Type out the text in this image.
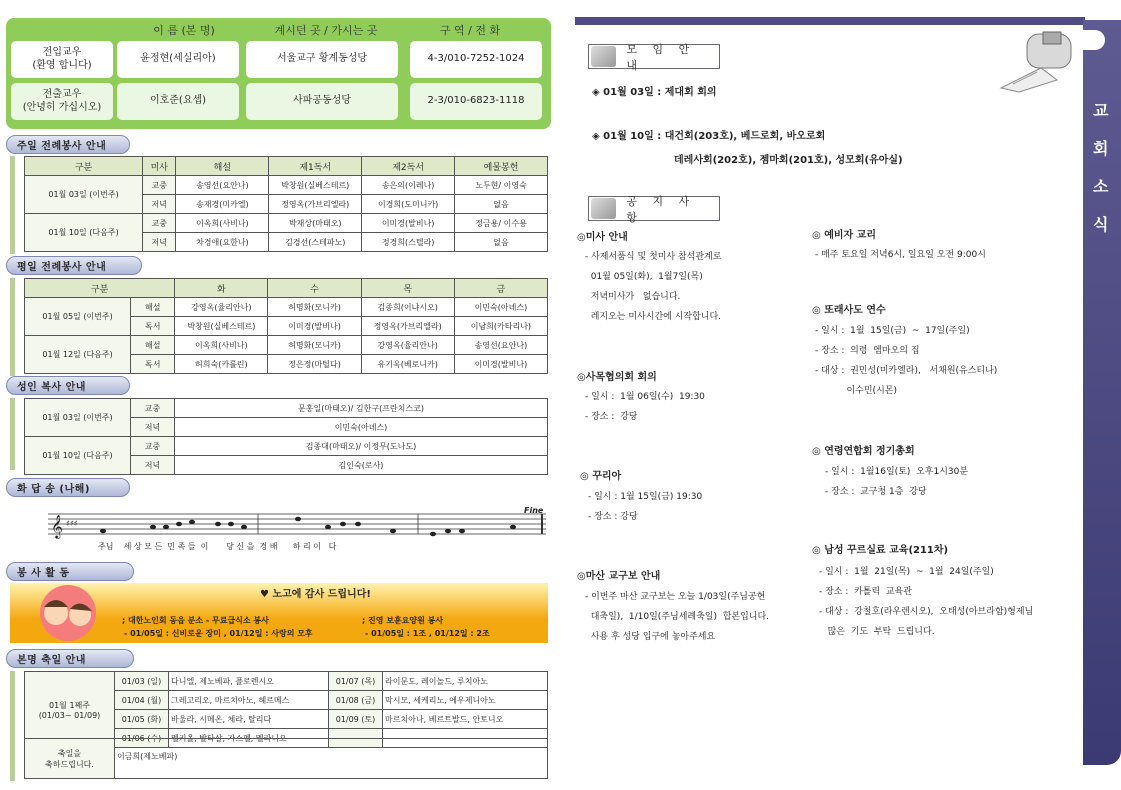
이 름 (본 명)	계시던 곳 / 가시는 곳	구 역 / 전 화
전입교우
(환영 합니다)
윤정현(세실리아)	서울교구 황계동성당	4-3/010-7252-1024
전출교우
(안녕히 가십시오)
이호준(요셉)	사파공동성당	2-3/010-6823-1118
주일 전례봉사 안내
구분	미사	해설	제1독서	제2독서	예물봉헌
01월 03일 (이번주)	교중	송영선(요안나)	박창원(실베스테르)	송은의(이레나)	노두현/ 이영숙
	저녁	송재경(미카엘)	정영옥(가브리엘라)	이경희(도미니카)	없음
01월 10일 (다음주)	교중	이옥희(사비나)	박재상(마태오)	이미경(발비나)	정금용/ 이수용
	저녁	차경애(요한나)	김경선(스테파노)	정경희(스텔라)	없음
평일 전례봉사 안내
구분		화	수	목	금
01월 05일 (이번주)	해설	강영옥(율리안나)	허명화(모니카)	김종희(이냐시오)	이민숙(아녜스)
	독서	박창원(실베스테르)	이미경(발비나)	정영옥(가브리엘라)	이남희(카타리나)
01월 12일 (다음주)	해설	이옥희(사비나)	허명화(모니카)	강영옥(율리안나)	송영선(요안나)
	독서	허희숙(카롤린)	정은정(마틸다)	유기옥(베로니카)	이미경(발비나)
성인 복사 안내
01월 03일 (이번주)	교중	문홍일(마태오)/ 김한구(프란치스코)
	저녁	이민숙(아녜스)
01월 10일 (다음주)	교중	김종대(마태오)/ 이정무(도나도)
	저녁	김인숙(로사)
화 답 송 (나해)
𝄞 ♯♯♯
Fine
주님    세 상 모 든  민 족 들  이       당 신 을  경 배      하 리 이   다
봉 사 활 동
♥ 노고에 감사 드립니다!
; 대한노인회 동읍 분소 - 무료급식소 봉사	; 진영 보훈요양원 봉사
- 01/05일 : 신비로운 장미 , 01/12일 : 사랑의 모후	- 01/05일 : 1조 , 01/12일 : 2조
본명 축일 안내
01월 1째주
(01/03~ 01/09)	01/03 (일)	다니엘, 제노베파, 플로렌시오	01/07 (목)	라이문도, 레이놀드, 루치아노
	01/04 (월)	그레고리오, 마르치아노, 헤르메스	01/08 (금)	막시모, 세케리노, 에우제니아노
	01/05 (화)	바울라, 시메온, 체라, 탈리다	01/09 (토)	마르치아나, 베르트발드, 안토니오
	01/06 (수)	멜키올, 발타살, 가스펠, 멜라니오		
축일을
축하드립니다.	이금희(제노베파)
교
회
소
식
모 임 안 내
◈ 01월 03일 : 제대회 회의
◈ 01월 10일 : 대건회(203호), 베드로회, 바오로회
데레사회(202호), 젬마회(201호), 성모회(유아실)
공 지 사 항
◎미사 안내
- 사제서품식 및 첫미사 참석관계로
01월 05일(화),  1월7일(목)
저녁미사가   없습니다.
레지오는 미사시간에 시작합니다.
◎사목협의회 회의
- 일시 :  1월 06일(수)  19:30
- 장소 :  강당
◎ 꾸리아
- 일시 : 1월 15일(금) 19:30
- 장소 : 강당
◎마산 교구보 안내
- 이번주 마산 교구보는 오늘 1/03일(주님공현
대축일),  1/10일(주님세례축일)  합본입니다.
사용 후 성당 입구에 놓아주세요
◎ 예비자 교리
- 매주 토요일 저녁6시, 일요일 오전 9:00시
◎ 또래사도 연수
- 일시 :  1월  15일(금)  ~  17일(주일)
- 장소 :  의령  엠마오의 집
- 대상 :  권민성(미카엘라),   서채원(유스티나)
이수민(시몬)
◎ 연령연합회 정기총회
- 일시 :  1월16일(토)  오후1시30분
- 장소 :  교구청 1층  강당
◎ 남성 꾸르실료 교육(211차)
- 일시 :  1월  21일(목)  ~  1월  24일(주일)
- 장소 :  카톨릭  교육관
- 대상 :  강철호(라우렌시오),  오태성(아브라함)형제님
많은  기도  부탁  드립니다.
